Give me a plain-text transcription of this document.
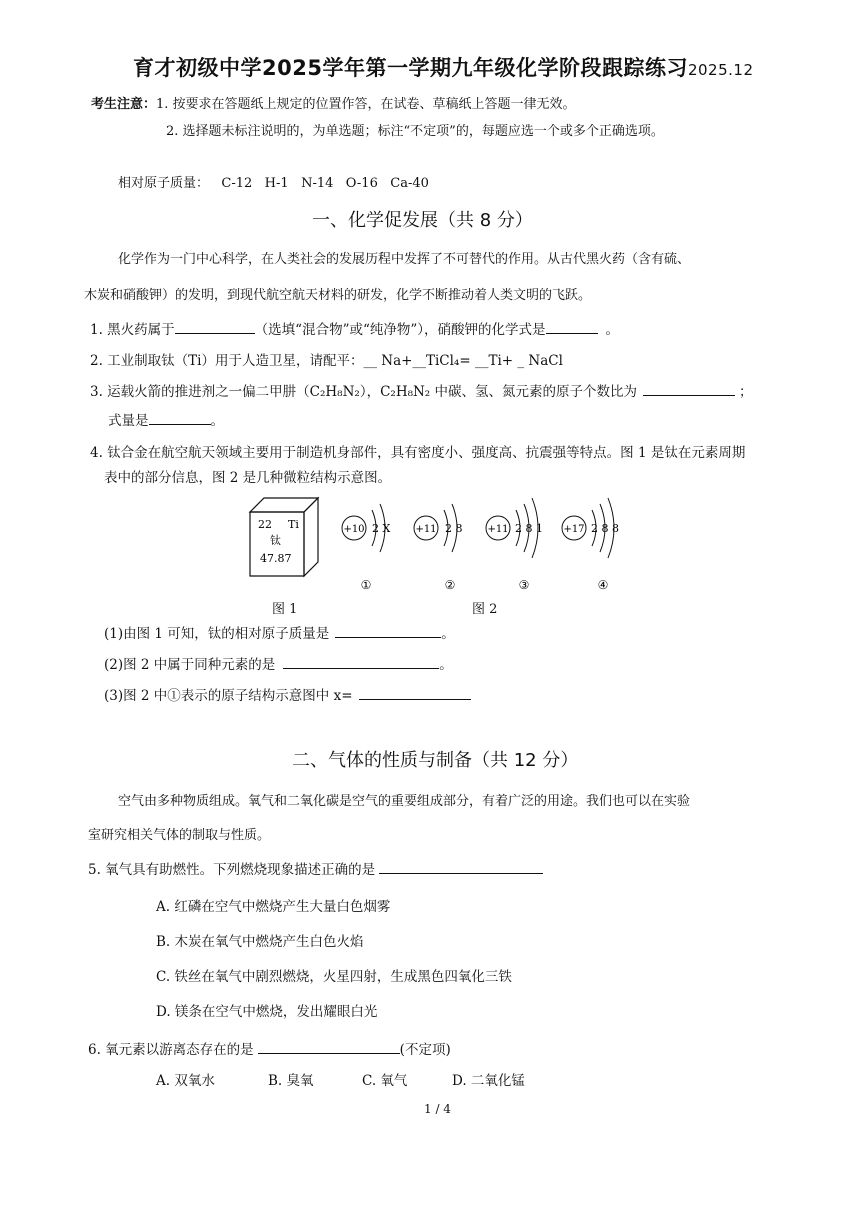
育才初级中学2025学年第一学期九年级化学阶段跟踪练习2025.12
考生注意：1. 按要求在答题纸上规定的位置作答，在试卷、草稿纸上答题一律无效。
2. 选择题未标注说明的，为单选题；标注“不定项”的，每题应选一个或多个正确选项。
相对原子质量：   C-12   H-1   N-14   O-16   Ca-40
一、化学促发展（共 8 分）
化学作为一门中心科学，在人类社会的发展历程中发挥了不可替代的作用。从古代黑火药（含有硫、
木炭和硝酸钾）的发明，到现代航空航天材料的研发，化学不断推动着人类文明的飞跃。
1. 黑火药属于	（选填“混合物”或“纯净物”），硝酸钾的化学式是	。
2. 工业制取钛（Ti）用于人造卫星，请配平：__ Na+__TiCl₄= __Ti+ _ NaCl
3. 运载火箭的推进剂之一偏二甲肼（C₂H₈N₂），C₂H₈N₂ 中碳、氢、氮元素的原子个数比为	；
式量是	。
4. 钛合金在航空航天领域主要用于制造机身部件，具有密度小、强度高、抗震强等特点。图 1 是钛在元素周期
表中的部分信息，图 2 是几种微粒结构示意图。
22 Ti
钛
47.87
+10 2 X
①
+11 2 8
②
+11 2 8 1
③
+17 2 8 8
④
图 1	图 2
(1)由图 1 可知，钛的相对原子质量是	。
(2)图 2 中属于同种元素的是	。
(3)图 2 中①表示的原子结构示意图中 x=
二、气体的性质与制备（共 12 分）
空气由多种物质组成。氧气和二氧化碳是空气的重要组成部分，有着广泛的用途。我们也可以在实验
室研究相关气体的制取与性质。
5. 氧气具有助燃性。下列燃烧现象描述正确的是
A. 红磷在空气中燃烧产生大量白色烟雾
B. 木炭在氧气中燃烧产生白色火焰
C. 铁丝在氧气中剧烈燃烧，火星四射，生成黑色四氧化三铁
D. 镁条在空气中燃烧，发出耀眼白光
6. 氧元素以游离态存在的是	(不定项)
A. 双氧水	B. 臭氧	C. 氧气	D. 二氧化锰
1 / 4
